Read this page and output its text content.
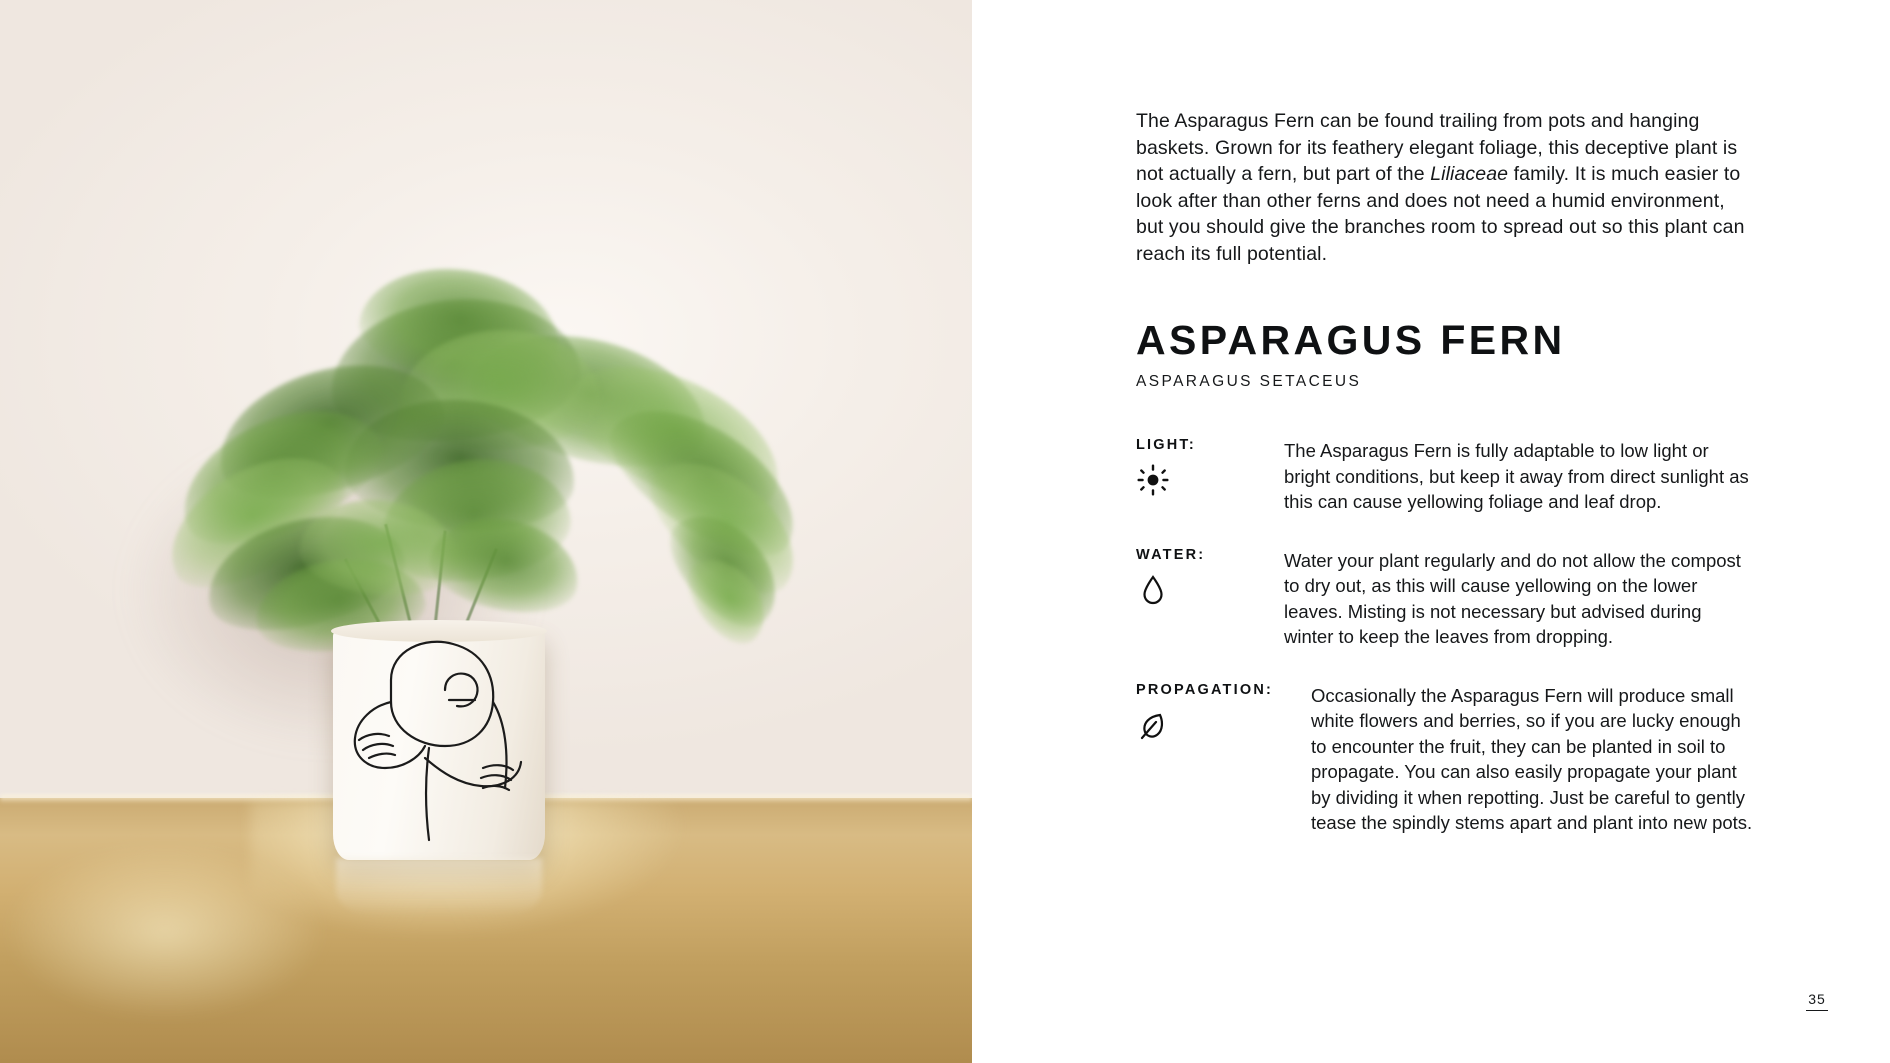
The Asparagus Fern can be found trailing from pots and hanging baskets. Grown for its feathery elegant foliage, this deceptive plant is not actually a fern, but part of the Liliaceae family. It is much easier to look after than other ferns and does not need a humid environment, but you should give the branches room to spread out so this plant can reach its full potential.

ASPARAGUS FERN
ASPARAGUS SETACEUS
LIGHT:	The Asparagus Fern is fully adaptable to low light or bright conditions, but keep it away from direct sunlight as this can cause yellowing foliage and leaf drop.
WATER:	Water your plant regularly and do not allow the compost to dry out, as this will cause yellowing on the lower leaves. Misting is not necessary but advised during winter to keep the leaves from dropping.
PROPAGATION:	Occasionally the Asparagus Fern will produce small white flowers and berries, so if you are lucky enough to encounter the fruit, they can be planted in soil to propagate. You can also easily propagate your plant by dividing it when repotting. Just be careful to gently tease the spindly stems apart and plant into new pots.
35
